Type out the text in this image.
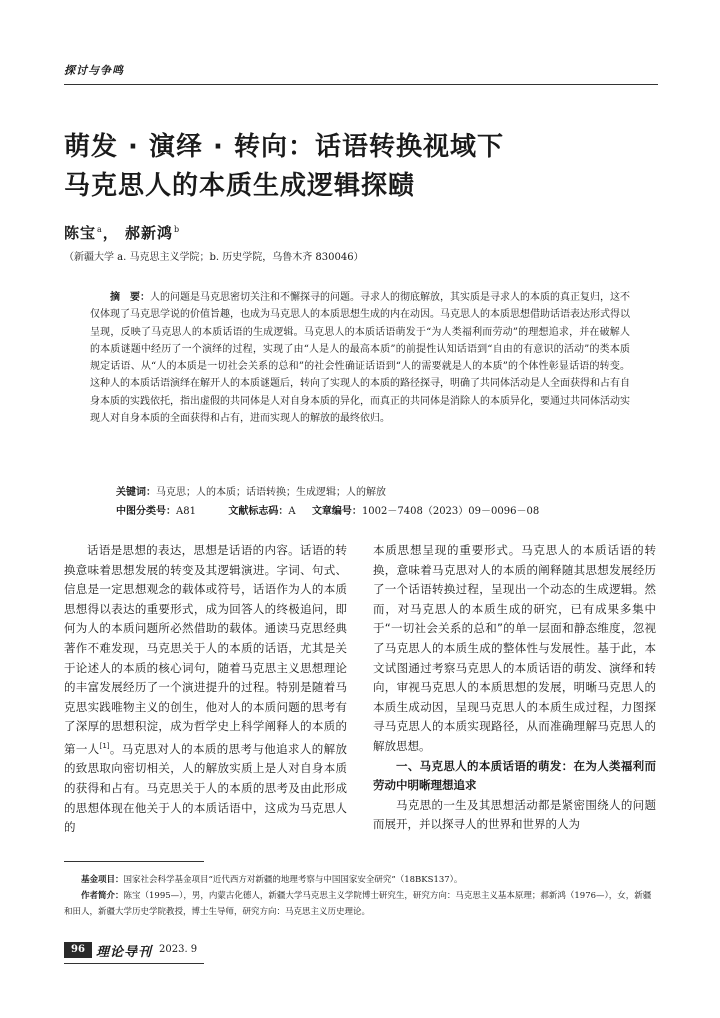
探讨与争鸣
萌发 · 演绎 · 转向：话语转换视域下
马克思人的本质生成逻辑探赜
陈宝$^a$， 郝新鸿$^b$
（新疆大学 a. 马克思主义学院；b. 历史学院，乌鲁木齐 830046）
摘　要：人的问题是马克思密切关注和不懈探寻的问题。寻求人的彻底解放，其实质是寻求人的本质的真正复归，这不仅体现了马克思学说的价值旨趣，也成为马克思人的本质思想生成的内在动因。马克思人的本质思想借助话语表达形式得以呈现，反映了马克思人的本质话语的生成逻辑。马克思人的本质话语萌发于“为人类福利而劳动”的理想追求，并在破解人的本质谜题中经历了一个演绎的过程，实现了由“人是人的最高本质”的前提性认知话语到“自由的有意识的活动”的类本质规定话语、从“人的本质是一切社会关系的总和”的社会性确证话语到“人的需要就是人的本质”的个体性彰显话语的转变。这种人的本质话语演绎在解开人的本质谜题后，转向了实现人的本质的路径探寻，明确了共同体活动是人全面获得和占有自身本质的实践依托，指出虚假的共同体是人对自身本质的异化，而真正的共同体是消除人的本质异化，要通过共同体活动实现人对自身本质的全面获得和占有，进而实现人的解放的最终依归。
关键词：马克思；人的本质；话语转换；生成逻辑；人的解放
中图分类号：A81	文献标志码：A 文章编号：1002－7408（2023）09－0096－08

话语是思想的表达，思想是话语的内容。话语的转换意味着思想发展的转变及其逻辑演进。字词、句式、信息是一定思想观念的载体或符号，话语作为人的本质思想得以表达的重要形式，成为回答人的终极追问，即何为人的本质问题所必然借助的载体。通读马克思经典著作不难发现，马克思关于人的本质的话语，尤其是关于论述人的本质的核心词句，随着马克思主义思想理论的丰富发展经历了一个演进提升的过程。特别是随着马克思实践唯物主义的创生，他对人的本质问题的思考有了深厚的思想积淀，成为哲学史上科学阐释人的本质的第一人[1]。马克思对人的本质的思考与他追求人的解放的致思取向密切相关，人的解放实质上是人对自身本质的获得和占有。马克思关于人的本质的思考及由此形成的思想体现在他关于人的本质话语中，这成为马克思人的

本质思想呈现的重要形式。马克思人的本质话语的转换，意味着马克思对人的本质的阐释随其思想发展经历了一个话语转换过程，呈现出一个动态的生成逻辑。然而，对马克思人的本质生成的研究，已有成果多集中于“一切社会关系的总和”的单一层面和静态维度，忽视了马克思人的本质生成的整体性与发展性。基于此，本文试图通过考察马克思人的本质话语的萌发、演绎和转向，审视马克思人的本质思想的发展，明晰马克思人的本质生成动因，呈现马克思人的本质生成过程，力图探寻马克思人的本质实现路径，从而准确理解马克思人的解放思想。

一、马克思人的本质话语的萌发：在为人类福利而劳动中明晰理想追求

马克思的一生及其思想活动都是紧密围绕人的问题而展开，并以探寻人的世界和世界的人为

基金项目：国家社会科学基金项目“近代西方对新疆的地理考察与中国国家安全研究”（18BKS137）。
作者简介：陈宝（1995—），男，内蒙古化德人，新疆大学马克思主义学院博士研究生，研究方向：马克思主义基本原理；郝新鸿（1976—），女，新疆和田人，新疆大学历史学院教授，博士生导师，研究方向：马克思主义历史理论。
96 理论导刊 2023. 9
